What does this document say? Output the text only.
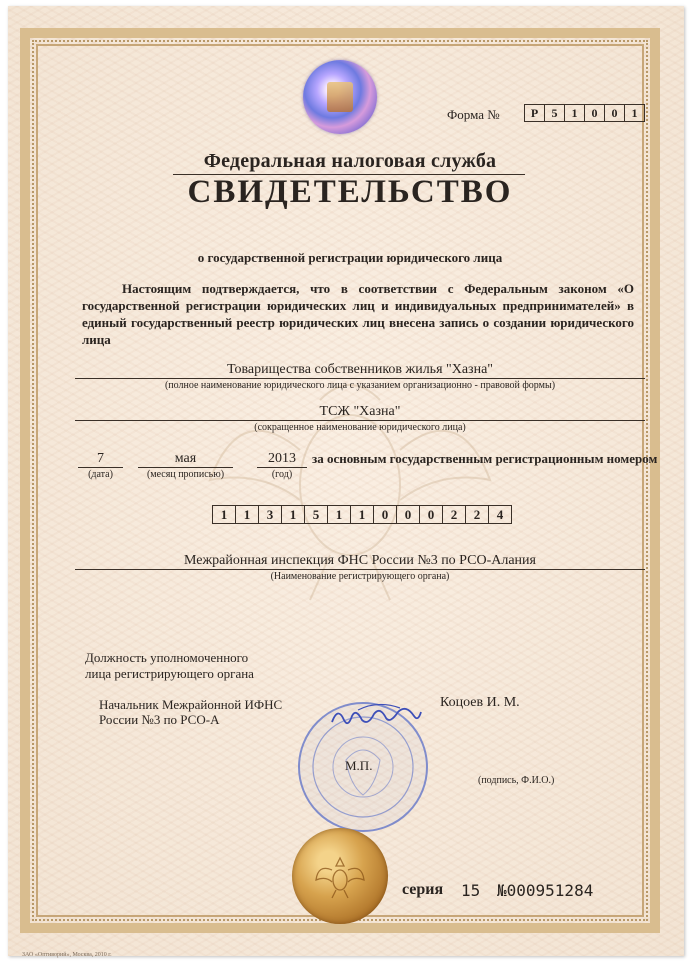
Форма №	Р	5	1	0	0	1
Федеральная налоговая служба
СВИДЕТЕЛЬСТВО
о государственной регистрации юридического лица
Настоящим подтверждается, что в соответствии с Федеральным законом «О государственной регистрации юридических лиц и индивидуальных предпринимателей» в единый государственный реестр юридических лиц внесена запись о создании юридического лица
Товарищества собственников жилья "Хазна"
(полное наименование юридического лица с указанием организационно - правовой формы)
ТСЖ "Хазна"
(сокращенное наименование юридического лица)
7
(дата)
мая
(месяц прописью)
2013
(год)
за основным государственным регистрационным номером
1	1	3	1	5	1	1	0	0	0	2	2	4
Межрайонная инспекция ФНС России №3 по РСО-Алания
(Наименование регистрирующего органа)
Должность уполномоченного
лица регистрирующего органа
Начальник Межрайонной ИФНС
России №3 по РСО-А
Коцоев И. М.
М.П.
(подпись, Ф.И.О.)
серия 15 №000951284
ЗАО «Оптиворий», Москва, 2010 г.
